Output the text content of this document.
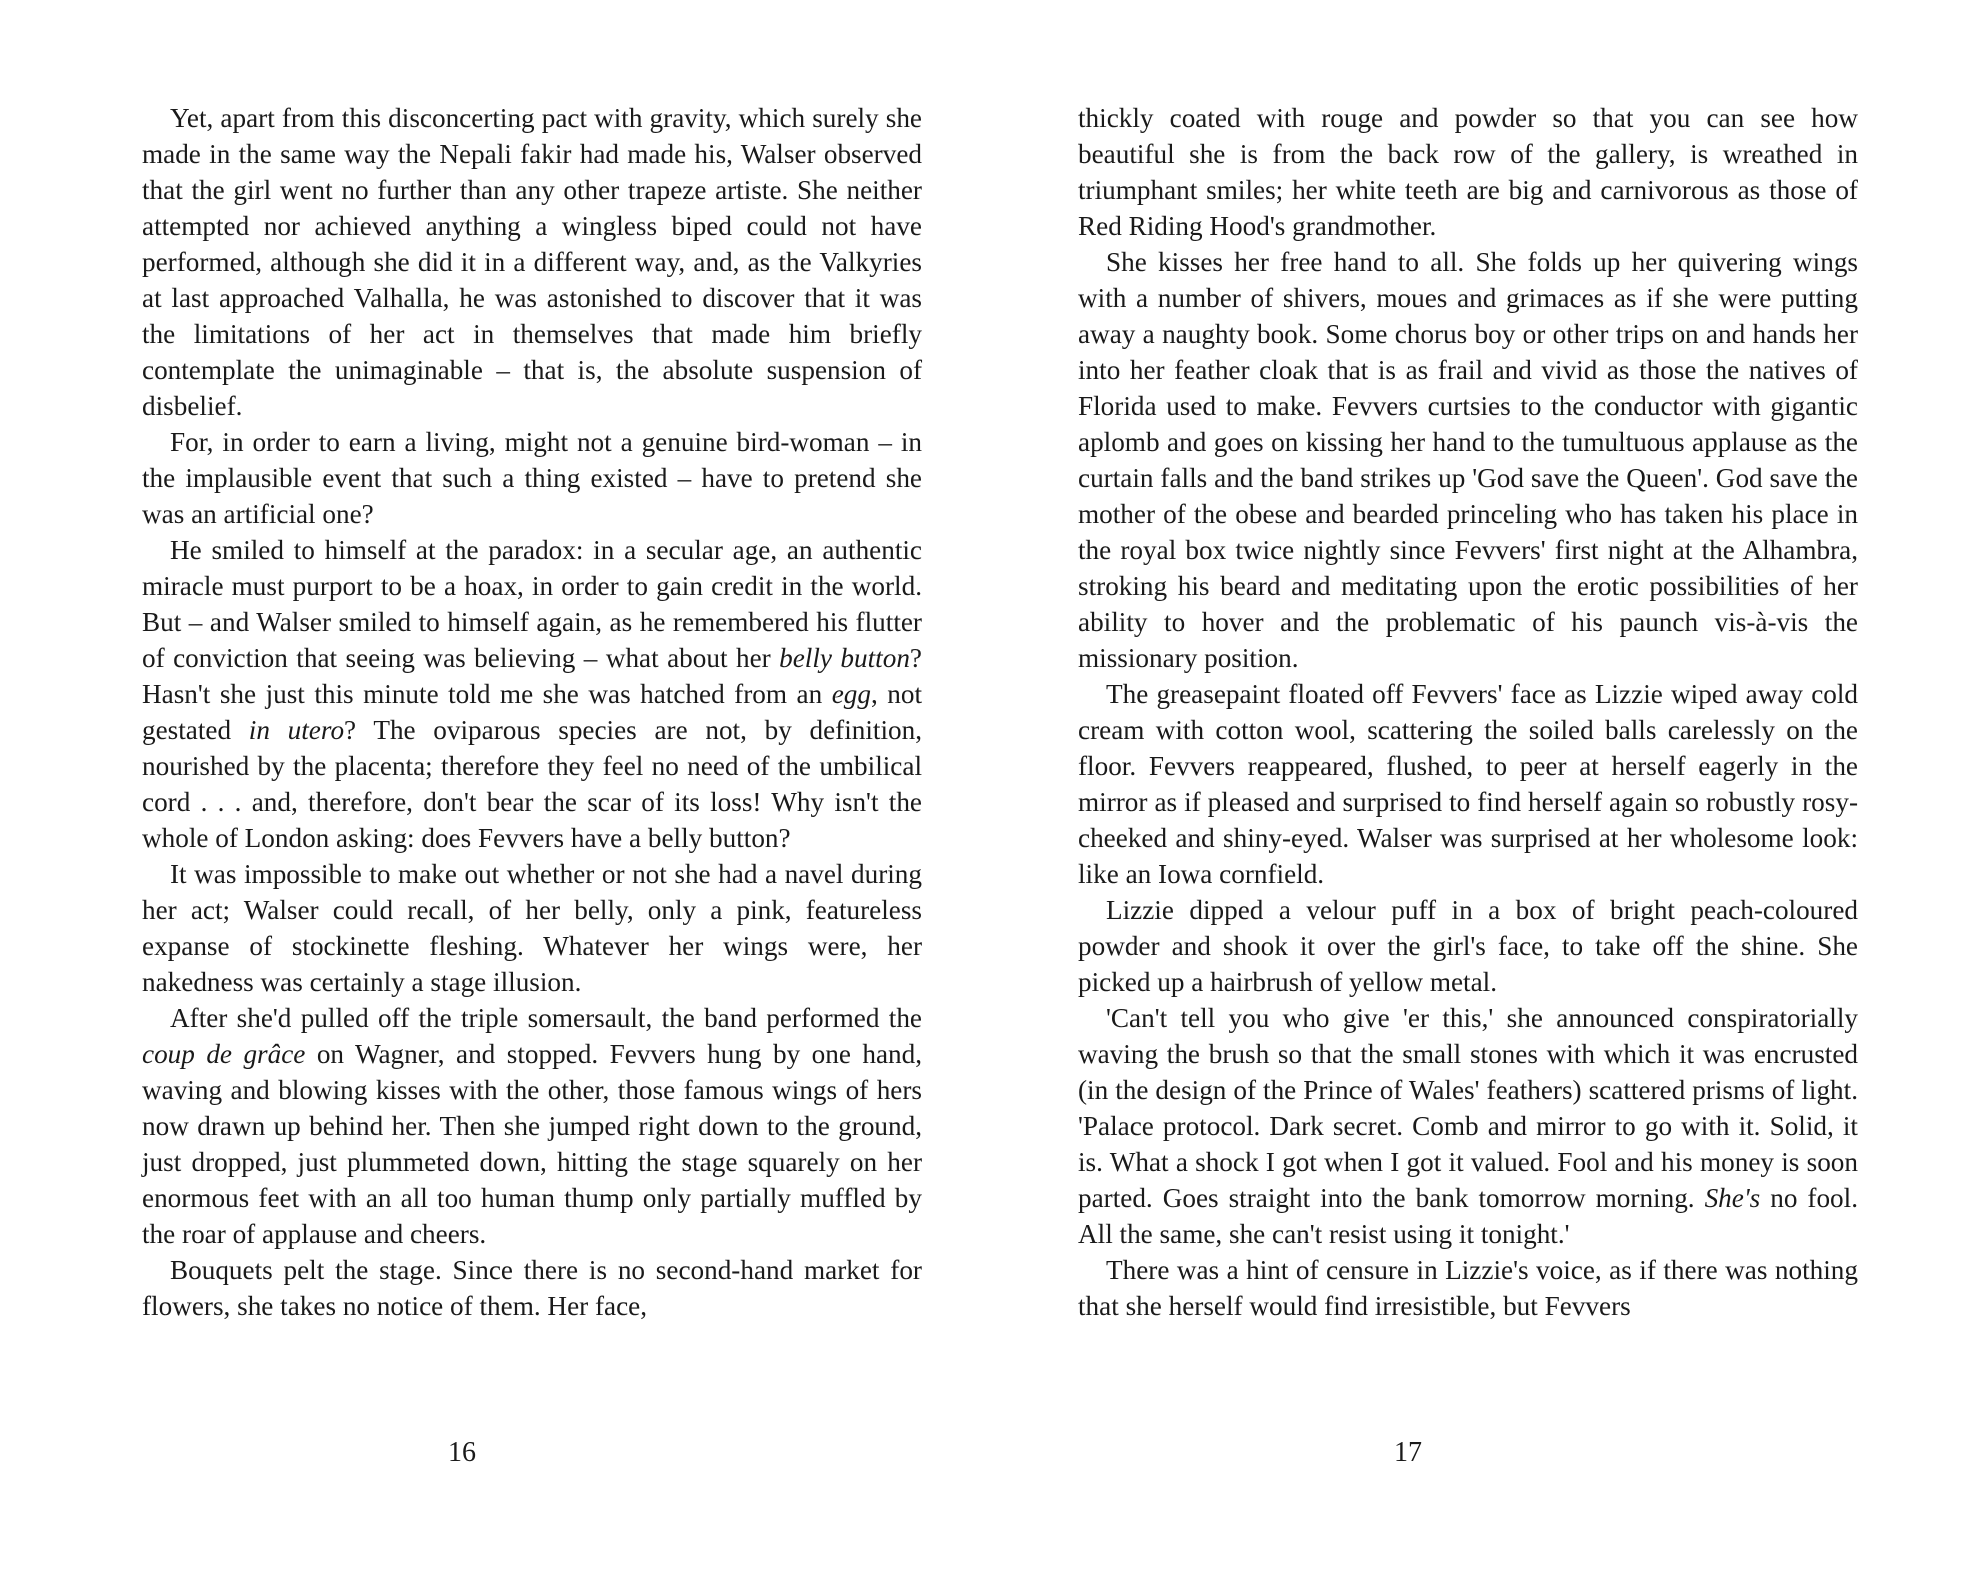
Yet, apart from this disconcerting pact with gravity, which surely she made in the same way the Nepali fakir had made his, Walser observed that the girl went no further than any other trapeze artiste. She neither attempted nor achieved anything a wingless biped could not have performed, although she did it in a different way, and, as the Valkyries at last approached Valhalla, he was astonished to discover that it was the limitations of her act in themselves that made him briefly contemplate the unimaginable – that is, the absolute suspension of disbelief.

For, in order to earn a living, might not a genuine bird-woman – in the implausible event that such a thing existed – have to pretend she was an artificial one?

He smiled to himself at the paradox: in a secular age, an authentic miracle must purport to be a hoax, in order to gain credit in the world. But – and Walser smiled to himself again, as he remembered his flutter of conviction that seeing was believing – what about her belly button? Hasn't she just this minute told me she was hatched from an egg, not gestated in utero? The oviparous species are not, by definition, nourished by the placenta; therefore they feel no need of the umbilical cord . . . and, therefore, don't bear the scar of its loss! Why isn't the whole of London asking: does Fevvers have a belly button?

It was impossible to make out whether or not she had a navel during her act; Walser could recall, of her belly, only a pink, featureless expanse of stockinette fleshing. Whatever her wings were, her nakedness was certainly a stage illusion.

After she'd pulled off the triple somersault, the band performed the coup de grâce on Wagner, and stopped. Fevvers hung by one hand, waving and blowing kisses with the other, those famous wings of hers now drawn up behind her. Then she jumped right down to the ground, just dropped, just plummeted down, hitting the stage squarely on her enormous feet with an all too human thump only partially muffled by the roar of applause and cheers.

Bouquets pelt the stage. Since there is no second-hand market for flowers, she takes no notice of them. Her face,

16

thickly coated with rouge and powder so that you can see how beautiful she is from the back row of the gallery, is wreathed in triumphant smiles; her white teeth are big and carnivorous as those of Red Riding Hood's grandmother.

She kisses her free hand to all. She folds up her quivering wings with a number of shivers, moues and grimaces as if she were putting away a naughty book. Some chorus boy or other trips on and hands her into her feather cloak that is as frail and vivid as those the natives of Florida used to make. Fevvers curtsies to the conductor with gigantic aplomb and goes on kissing her hand to the tumultuous applause as the curtain falls and the band strikes up 'God save the Queen'. God save the mother of the obese and bearded princeling who has taken his place in the royal box twice nightly since Fevvers' first night at the Alhambra, stroking his beard and meditating upon the erotic possibilities of her ability to hover and the problematic of his paunch vis-à-vis the missionary position.

The greasepaint floated off Fevvers' face as Lizzie wiped away cold cream with cotton wool, scattering the soiled balls carelessly on the floor. Fevvers reappeared, flushed, to peer at herself eagerly in the mirror as if pleased and surprised to find herself again so robustly rosy-cheeked and shiny-eyed. Walser was surprised at her wholesome look: like an Iowa cornfield.

Lizzie dipped a velour puff in a box of bright peach-coloured powder and shook it over the girl's face, to take off the shine. She picked up a hairbrush of yellow metal.

'Can't tell you who give 'er this,' she announced conspiratorially waving the brush so that the small stones with which it was encrusted (in the design of the Prince of Wales' feathers) scattered prisms of light. 'Palace protocol. Dark secret. Comb and mirror to go with it. Solid, it is. What a shock I got when I got it valued. Fool and his money is soon parted. Goes straight into the bank tomorrow morning. She's no fool. All the same, she can't resist using it tonight.'

There was a hint of censure in Lizzie's voice, as if there was nothing that she herself would find irresistible, but Fevvers

17
